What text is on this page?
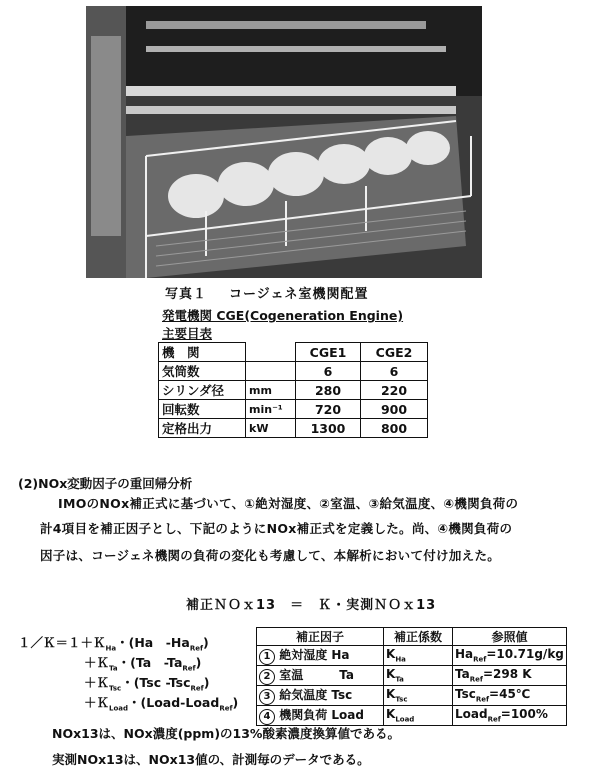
写真１ コージェネ室機関配置
発電機関 CGE(Cogeneration Engine)
主要目表
機　関		CGE1	CGE2
気筒数		6	6
シリンダ径	mm	280	220
回転数	min⁻¹	720	900
定格出力	kW	1300	800
(2)NOx変動因子の重回帰分析
IMOのNOx補正式に基づいて、①絶対湿度、②室温、③給気温度、④機関負荷の
計4項目を補正因子とし、下記のようにNOx補正式を定義した。尚、④機関負荷の
因子は、コージェネ機関の負荷の変化も考慮して、本解析において付け加えた。
補正ＮＯｘ13　＝　Ｋ・実測ＮＯｘ13
１／Ｋ＝１＋Ｋ$_{Ha}$・(Ha　$-Ha_{Ref}$)
＋Ｋ$_{Ta}$・(Ta　$-Ta_{Ref}$)
＋Ｋ$_{Tsc}$・(Tsc -Tsc$_{Ref}$)
＋Ｋ$_{Load}$・(Load-Load$_{Ref}$)
補正因子	補正係数	参照値
1 絶対湿度 Ha	$K_{Ha}$	$Ha_{Ref}=10.71g/kg$
2 室温　　　Ta	$K_{Ta}$	$Ta_{Ref}=298$ K
3 給気温度 Tsc	$K_{Tsc}$	Tsc$_{Ref}$=45℃
4 機関負荷 Load	$K_{Load}$	Load$_{Ref}$=100%
NOx13は、NOx濃度(ppm)の13%酸素濃度換算値である。
実測NOx13は、NOx13値の、計測毎のデータである。
